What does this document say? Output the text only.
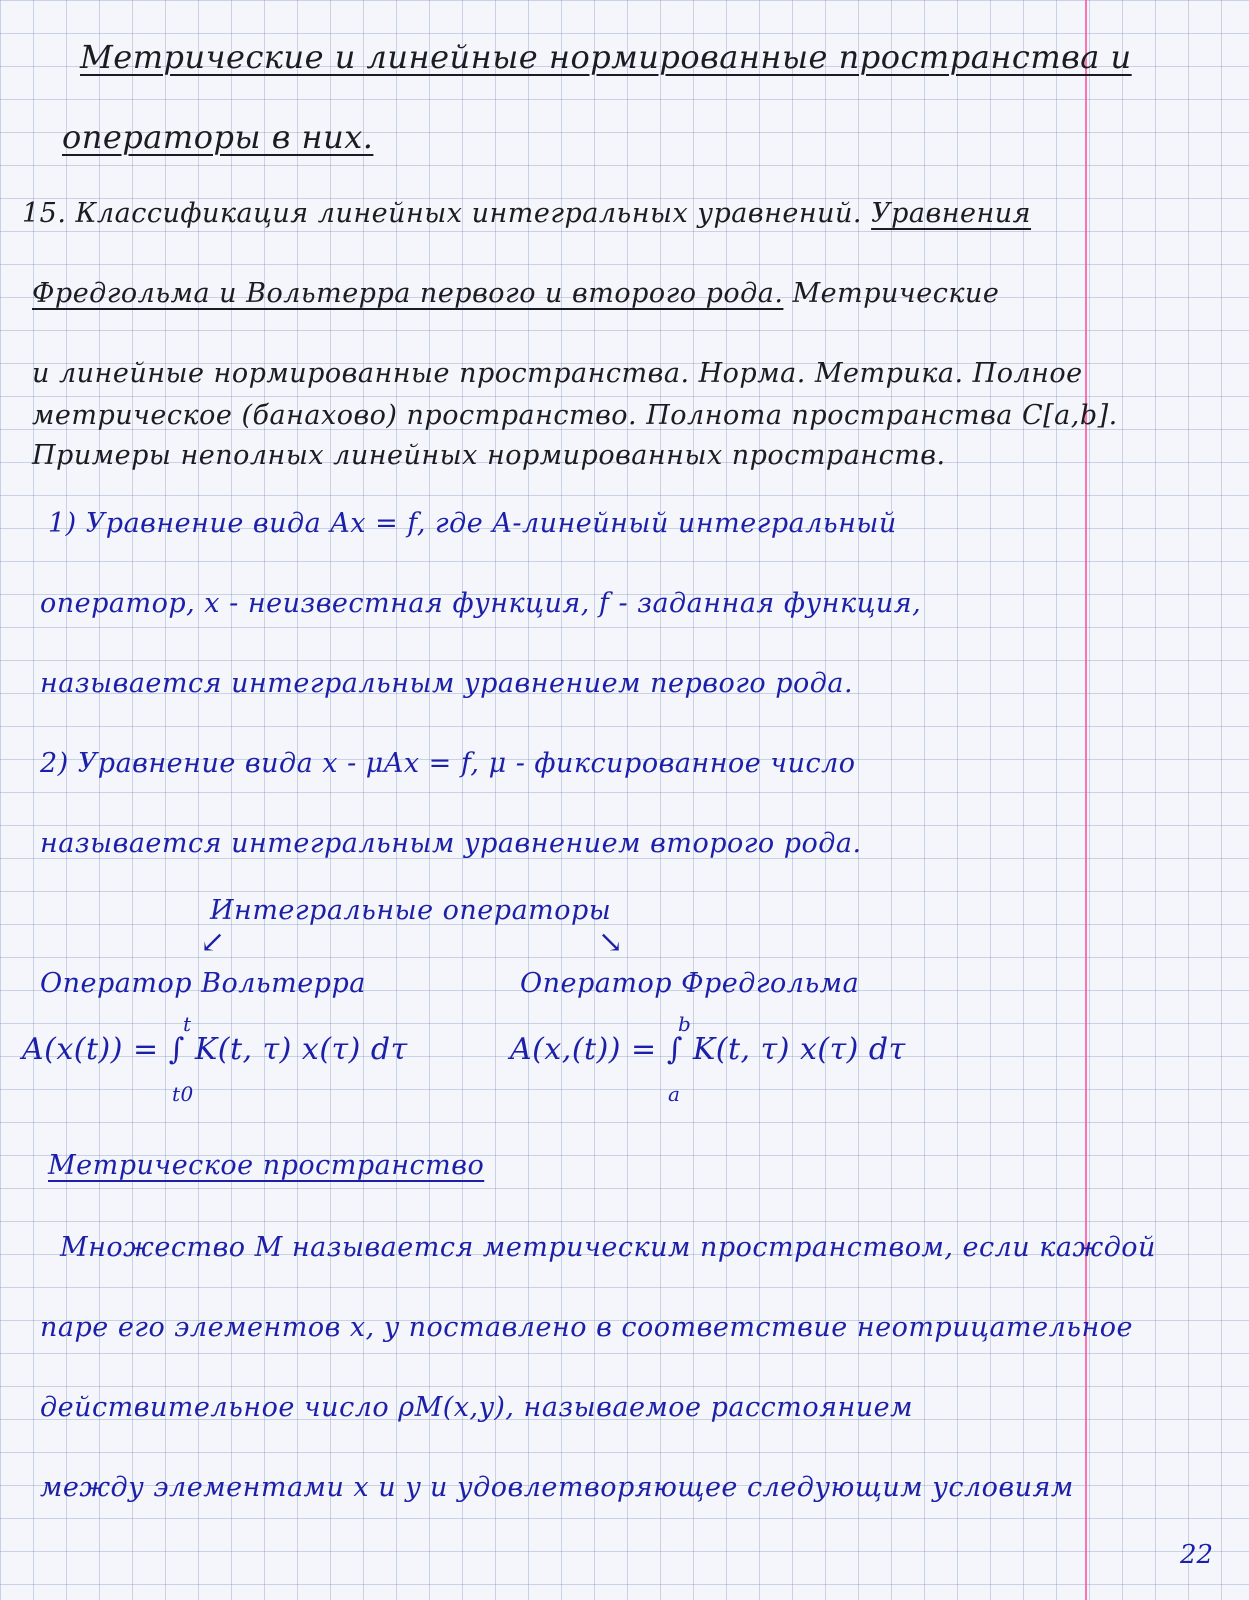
Метрические и линейные нормированные пространства и
операторы в них.
15. Классификация линейных интегральных уравнений. Уравнения
Фредгольма и Вольтерра первого и второго рода. Метрические
и линейные нормированные пространства. Норма. Метрика. Полное
метрическое (банахово) пространство. Полнота пространства C[a,b].
Примеры неполных линейных нормированных пространств.
1) Уравнение вида Ax = f, где A-линейный интегральный
оператор, x - неизвестная функция, f - заданная функция,
называется интегральным уравнением первого рода.
2) Уравнение вида x - μAx = f, μ - фиксированное число
называется интегральным уравнением второго рода.
Интегральные операторы
↙	↘
Оператор Вольтерра	Оператор Фредгольма
A(x(t)) = ∫ K(t, τ) x(τ) dτ
t
t0
A(x,(t)) = ∫ K(t, τ) x(τ) dτ
b
a
Метрическое пространство
Множество M называется метрическим пространством, если каждой
паре его элементов x, y поставлено в соответствие неотрицательное
действительное число ρM(x,y), называемое расстоянием
между элементами x и y и удовлетворяющее следующим условиям
22
